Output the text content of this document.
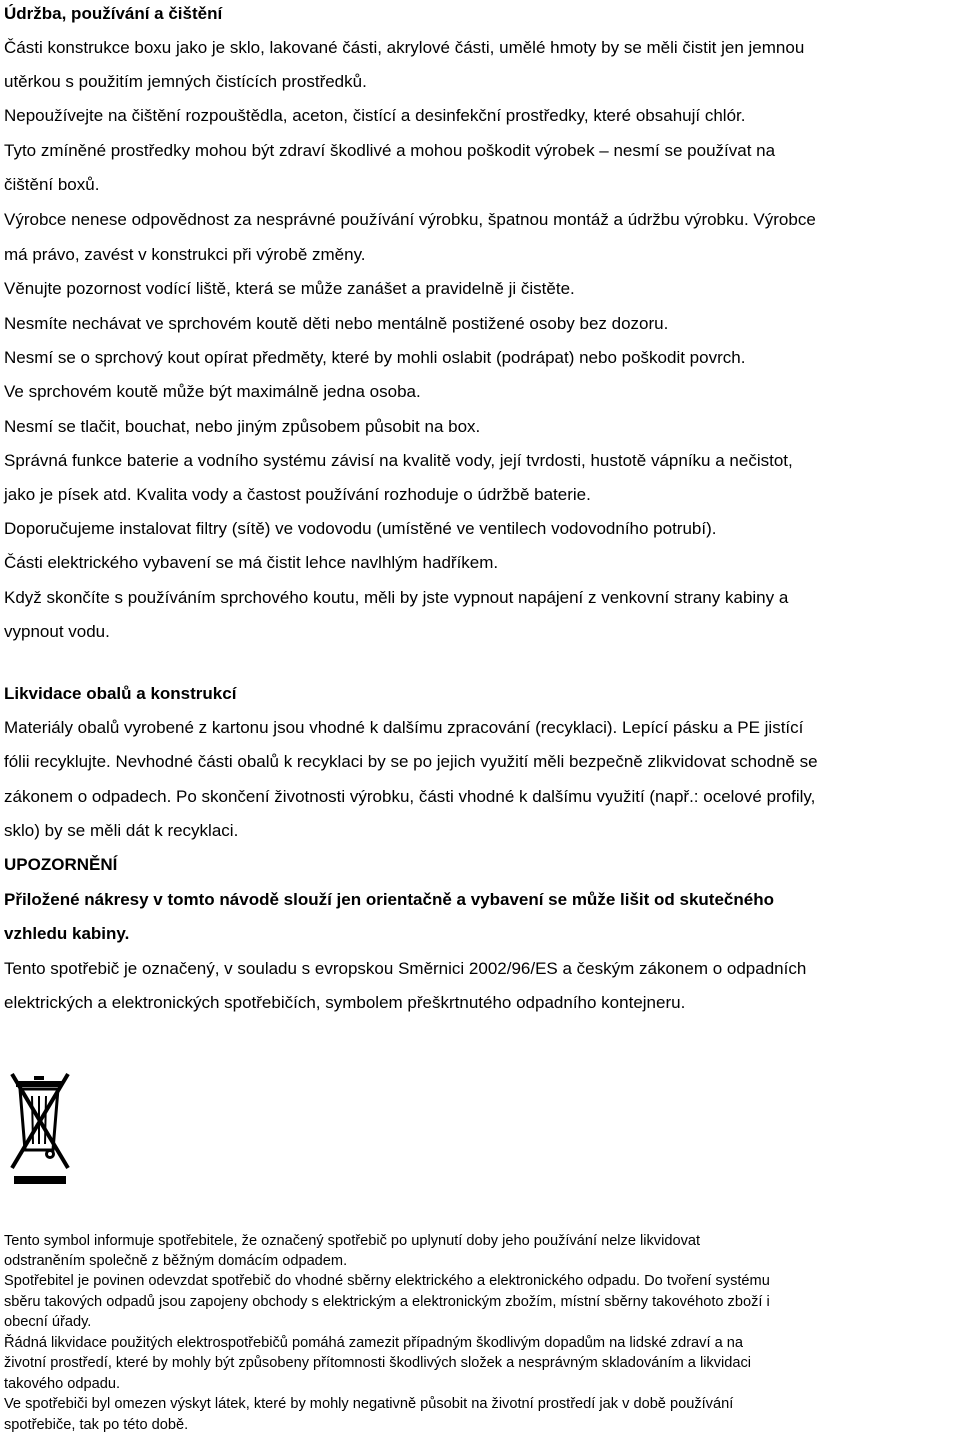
Údržba, používání a čištění
Části konstrukce boxu jako je sklo, lakované části, akrylové části, umělé hmoty by se měli čistit jen jemnou
utěrkou s použitím jemných čistících prostředků.
Nepoužívejte na čištění rozpouštědla, aceton, čistící a desinfekční prostředky, které obsahují chlór.
Tyto zmíněné prostředky mohou být zdraví škodlivé a mohou poškodit výrobek – nesmí se používat na
čištění boxů.
Výrobce nenese odpovědnost za nesprávné používání výrobku, špatnou montáž a údržbu výrobku. Výrobce
má právo, zavést v konstrukci při výrobě změny.
Věnujte pozornost vodící liště, která se může zanášet a pravidelně ji čistěte.
Nesmíte nechávat ve sprchovém koutě děti nebo mentálně postižené osoby bez dozoru.
Nesmí se o sprchový kout opírat předměty, které by mohli oslabit (podrápat) nebo poškodit povrch.
Ve sprchovém koutě může být maximálně jedna osoba.
Nesmí se tlačit, bouchat, nebo jiným způsobem působit na box.
Správná funkce baterie a vodního systému závisí na kvalitě vody, její tvrdosti, hustotě vápníku a nečistot,
jako je písek atd. Kvalita vody a častost používání rozhoduje o údržbě baterie.
Doporučujeme instalovat filtry (sítě) ve vodovodu (umístěné ve ventilech vodovodního potrubí).
Části elektrického vybavení se má čistit lehce navlhlým hadříkem.
Když skončíte s používáním sprchového koutu, měli by jste vypnout napájení z venkovní strany kabiny a
vypnout vodu.
Likvidace obalů a konstrukcí
Materiály obalů vyrobené z kartonu jsou vhodné k dalšímu zpracování (recyklaci). Lepící pásku a PE jistící
fólii recyklujte. Nevhodné části obalů k recyklaci by se po jejich využití měli bezpečně zlikvidovat schodně se
zákonem o odpadech. Po skončení životnosti výrobku, části vhodné k dalšímu využití (např.: ocelové profily,
sklo) by se měli dát k recyklaci.
UPOZORNĚNÍ
Přiložené nákresy v tomto návodě slouží jen orientačně a vybavení se může lišit od skutečného
vzhledu kabiny.
Tento spotřebič je označený, v souladu s evropskou Směrnici 2002/96/ES a českým zákonem o odpadních
elektrických a elektronických spotřebičích, symbolem přeškrtnutého odpadního kontejneru.
Tento symbol informuje spotřebitele, že označený spotřebič po uplynutí doby jeho používání nelze likvidovat
odstraněním společně z běžným domácím odpadem.
Spotřebitel je povinen odevzdat spotřebič do vhodné sběrny elektrického a elektronického odpadu. Do tvoření systému
sběru takových odpadů jsou zapojeny obchody s elektrickým a elektronickým zbožím, místní sběrny takovéhoto zboží i
obecní úřady.
Řádná likvidace použitých elektrospotřebičů pomáhá zamezit případným škodlivým dopadům na lidské zdraví a na
životní prostředí, které by mohly být způsobeny přítomnosti škodlivých složek a nesprávným skladováním a likvidaci
takového odpadu.
Ve spotřebiči byl omezen výskyt látek, které by mohly negativně působit na životní prostředí jak v době používání
spotřebiče, tak po této době.
